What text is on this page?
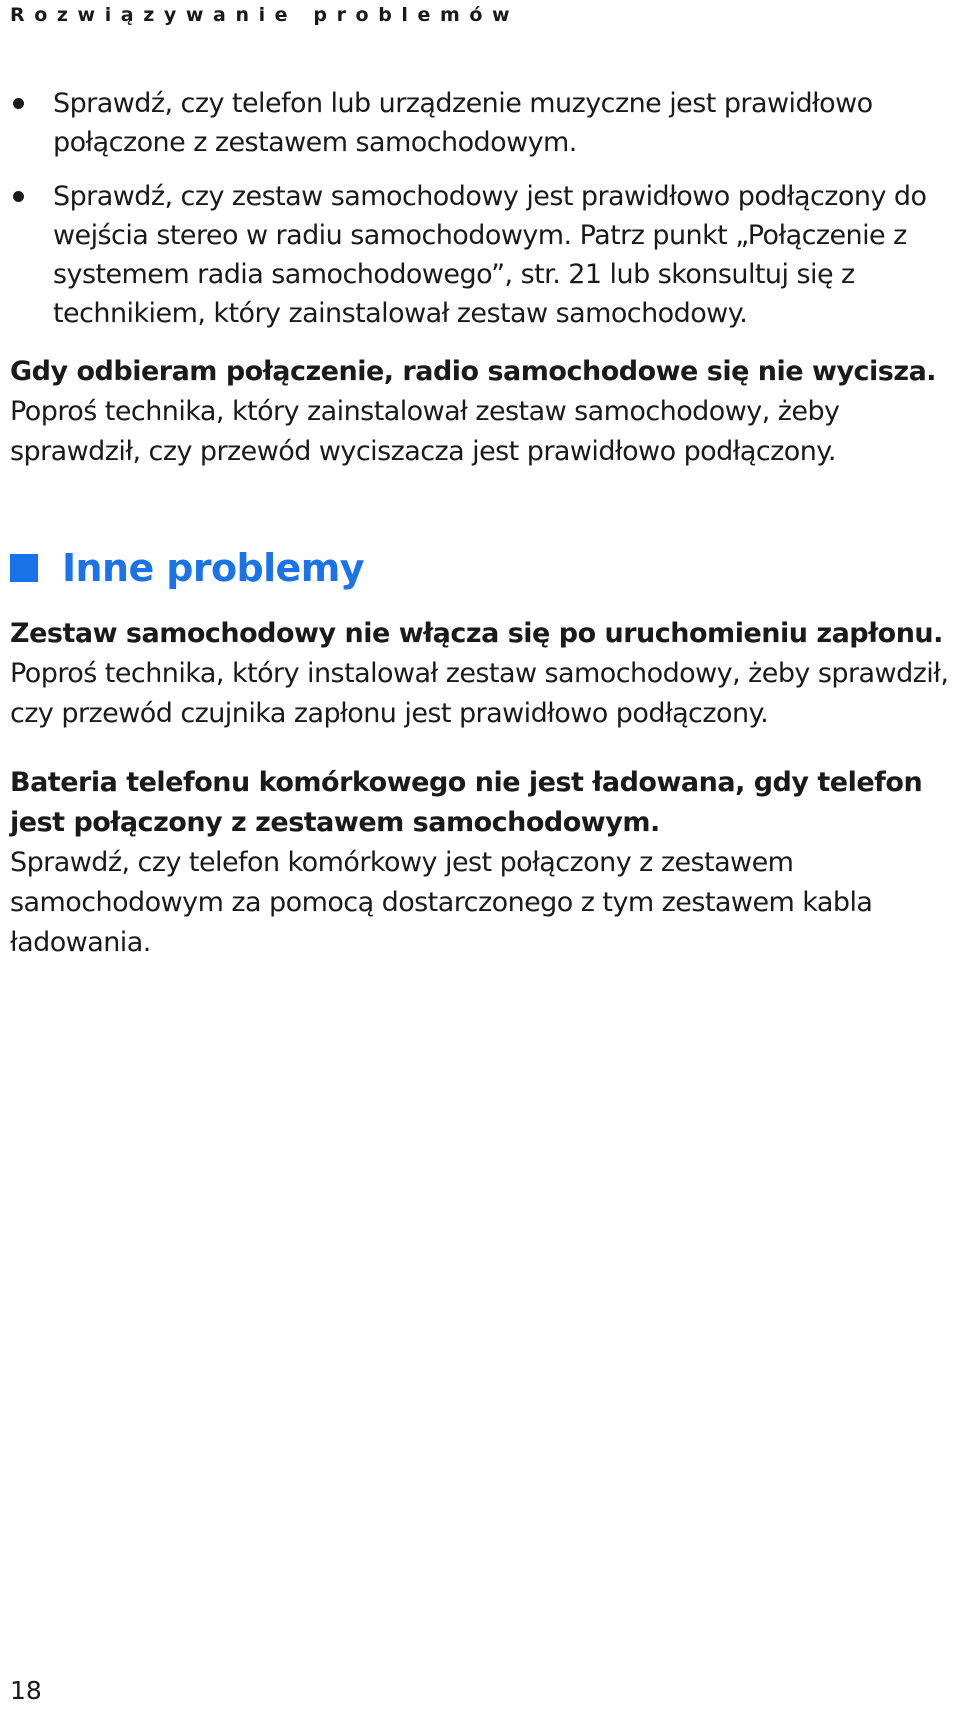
Rozwiązywanie problemów
Sprawdź, czy telefon lub urządzenie muzyczne jest prawidłowo połączone z zestawem samochodowym.
Sprawdź, czy zestaw samochodowy jest prawidłowo podłączony do wejścia stereo w radiu samochodowym. Patrz punkt „Połączenie z systemem radia samochodowego”, str. 21 lub skonsultuj się z technikiem, który zainstalował zestaw samochodowy.
Gdy odbieram połączenie, radio samochodowe się nie wycisza.
Poproś technika, który zainstalował zestaw samochodowy, żeby sprawdził, czy przewód wyciszacza jest prawidłowo podłączony.
Inne problemy
Zestaw samochodowy nie włącza się po uruchomieniu zapłonu.
Poproś technika, który instalował zestaw samochodowy, żeby sprawdził, czy przewód czujnika zapłonu jest prawidłowo podłączony.
Bateria telefonu komórkowego nie jest ładowana, gdy telefon jest połączony z zestawem samochodowym.
Sprawdź, czy telefon komórkowy jest połączony z zestawem samochodowym za pomocą dostarczonego z tym zestawem kabla ładowania.
18
